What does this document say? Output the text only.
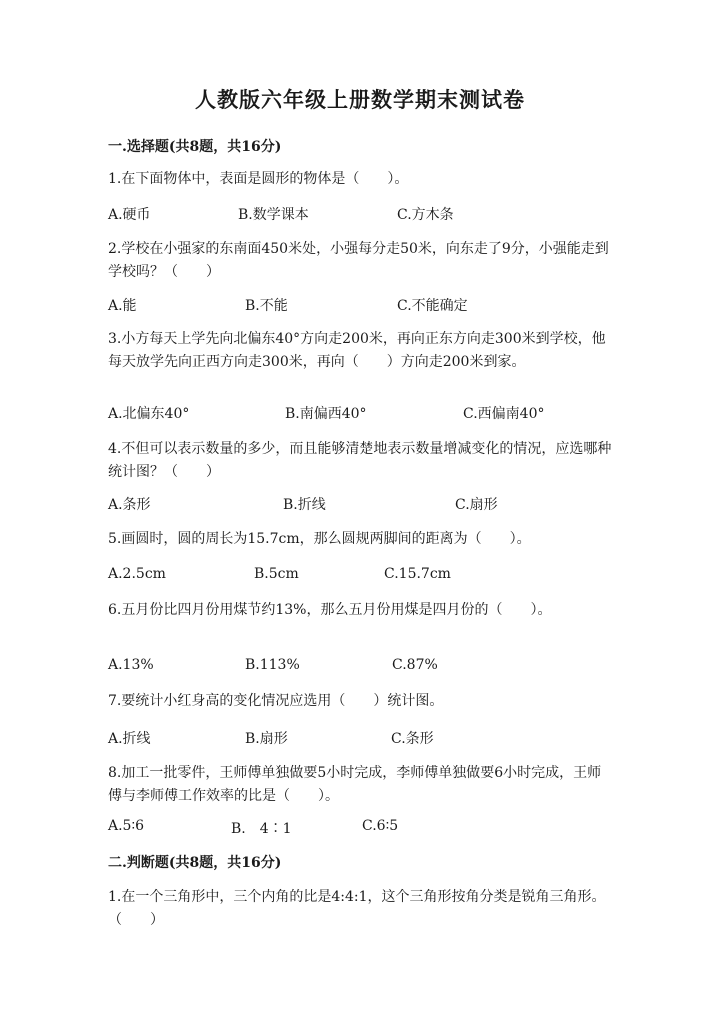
人教版六年级上册数学期末测试卷
一.选择题(共8题，共16分)
1.在下面物体中，表面是圆形的物体是（　　）。
A.硬币	B.数学课本	C.方木条
2.学校在小强家的东南面450米处，小强每分走50米，向东走了9分，小强能走到学校吗？（　　）
A.能	B.不能	C.不能确定
3.小方每天上学先向北偏东40°方向走200米，再向正东方向走300米到学校，他每天放学先向正西方向走300米，再向（　　）方向走200米到家。
A.北偏东40°	B.南偏西40°	C.西偏南40°
4.不但可以表示数量的多少，而且能够清楚地表示数量增减变化的情况，应选哪种统计图？（　　）
A.条形	B.折线	C.扇形
5.画圆时，圆的周长为15.7cm，那么圆规两脚间的距离为（　　）。
A.2.5cm	B.5cm	C.15.7cm
6.五月份比四月份用煤节约13%，那么五月份用煤是四月份的（　　）。
A.13%	B.113%	C.87%
7.要统计小红身高的变化情况应选用（　　）统计图。
A.折线	B.扇形	C.条形
8.加工一批零件，王师傅单独做要5小时完成，李师傅单独做要6小时完成，王师傅与李师傅工作效率的比是（　　）。
A.5∶6	B.　4∶1	C.6∶5
二.判断题(共8题，共16分)
1.在一个三角形中，三个内角的比是4:4:1，这个三角形按角分类是锐角三角形。（　　）
